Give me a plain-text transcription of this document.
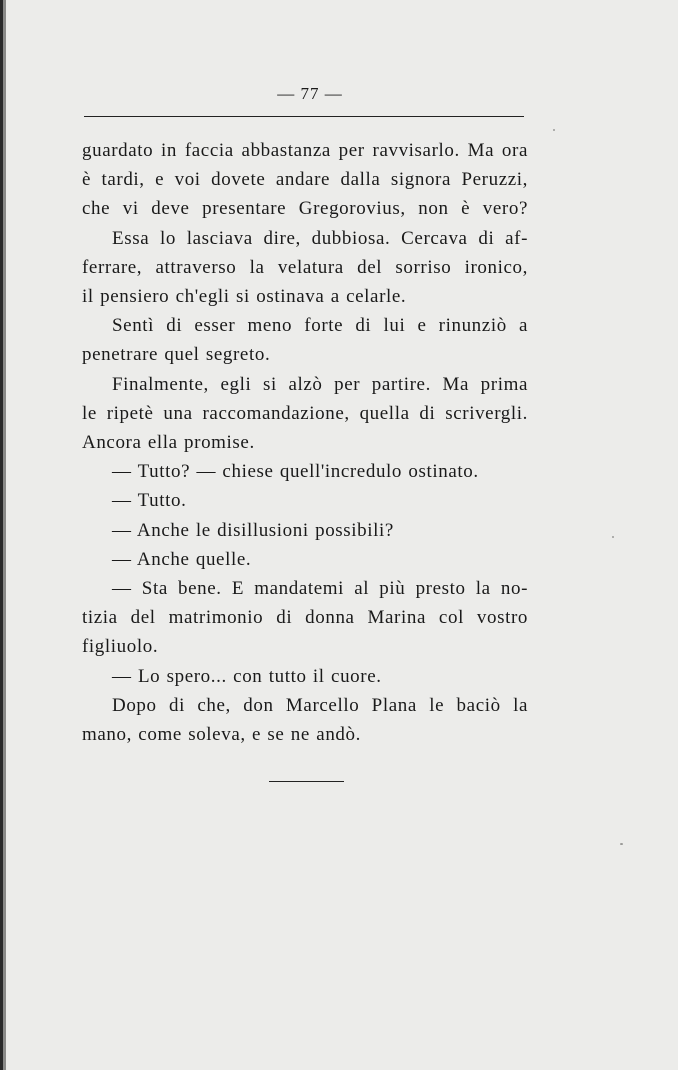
— 77 —
guardato in faccia abbastanza per ravvisarlo. Ma ora
è tardi, e voi dovete andare dalla signora Peruzzi,
che vi deve presentare Gregorovius, non è vero?
Essa lo lasciava dire, dubbiosa. Cercava di af-
ferrare, attraverso la velatura del sorriso ironico,
il pensiero ch'egli si ostinava a celarle.
Sentì di esser meno forte di lui e rinunziò a
penetrare quel segreto.
Finalmente, egli si alzò per partire. Ma prima
le ripetè una raccomandazione, quella di scrivergli.
Ancora ella promise.
— Tutto? — chiese quell'incredulo ostinato.
— Tutto.
— Anche le disillusioni possibili?
— Anche quelle.
— Sta bene. E mandatemi al più presto la no-
tizia del matrimonio di donna Marina col vostro
figliuolo.
— Lo spero... con tutto il cuore.
Dopo di che, don Marcello Plana le baciò la
mano, come soleva, e se ne andò.
